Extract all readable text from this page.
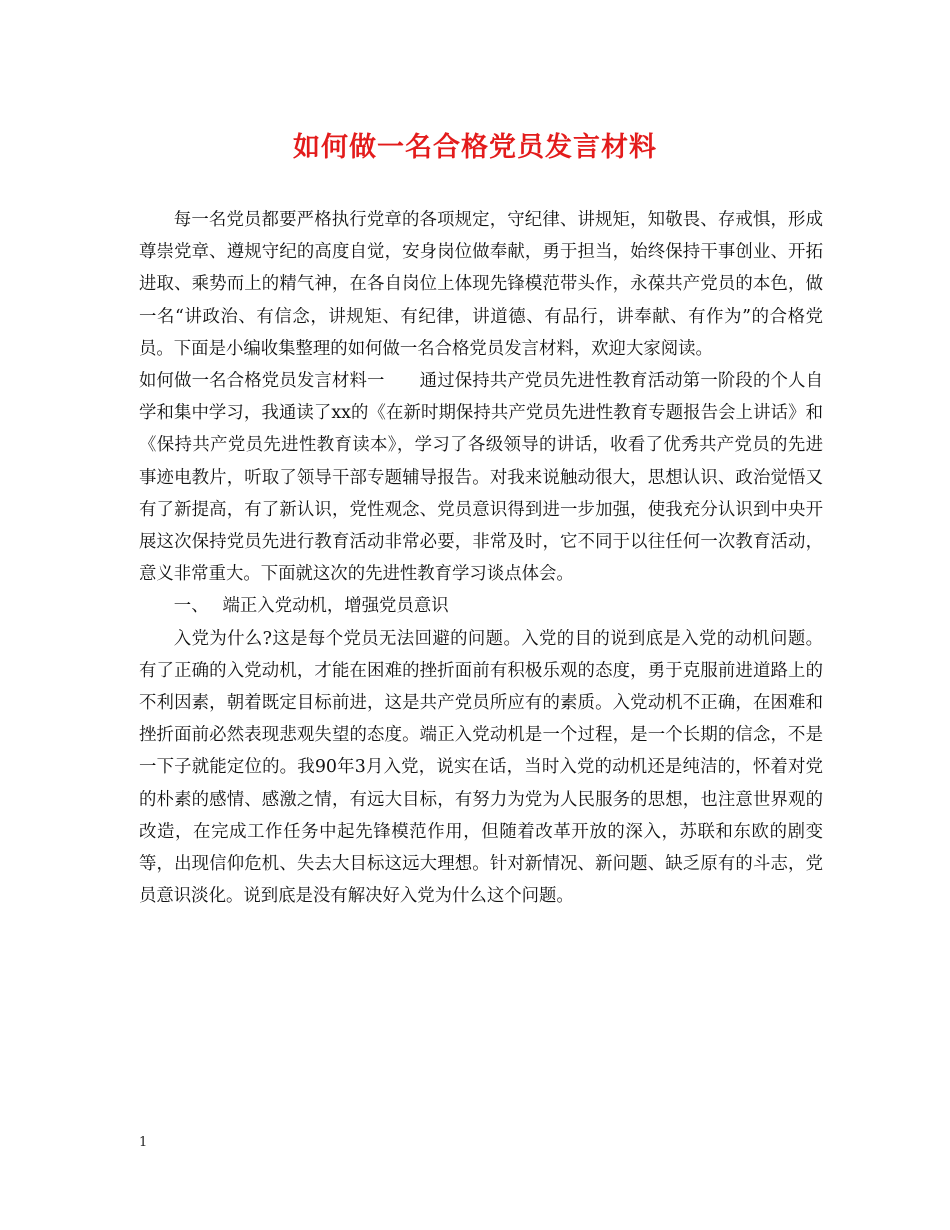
如何做一名合格党员发言材料

每一名党员都要严格执行党章的各项规定，守纪律、讲规矩，知敬畏、存戒惧，形成尊崇党章、遵规守纪的高度自觉，安身岗位做奉献，勇于担当，始终保持干事创业、开拓进取、乘势而上的精气神，在各自岗位上体现先锋模范带头作，永葆共产党员的本色，做一名“讲政治、有信念，讲规矩、有纪律，讲道德、有品行，讲奉献、有作为”的合格党员。下面是小编收集整理的如何做一名合格党员发言材料，欢迎大家阅读。

如何做一名合格党员发言材料一　　通过保持共产党员先进性教育活动第一阶段的个人自学和集中学习，我通读了xx的《在新时期保持共产党员先进性教育专题报告会上讲话》和《保持共产党员先进性教育读本》，学习了各级领导的讲话，收看了优秀共产党员的先进事迹电教片，听取了领导干部专题辅导报告。对我来说触动很大，思想认识、政治觉悟又有了新提高，有了新认识，党性观念、党员意识得到进一步加强，使我充分认识到中央开展这次保持党员先进行教育活动非常必要，非常及时，它不同于以往任何一次教育活动，意义非常重大。下面就这次的先进性教育学习谈点体会。

一、 端正入党动机，增强党员意识

入党为什么?这是每个党员无法回避的问题。入党的目的说到底是入党的动机问题。有了正确的入党动机，才能在困难的挫折面前有积极乐观的态度，勇于克服前进道路上的不利因素，朝着既定目标前进，这是共产党员所应有的素质。入党动机不正确，在困难和挫折面前必然表现悲观失望的态度。端正入党动机是一个过程，是一个长期的信念，不是一下子就能定位的。我90年3月入党，说实在话，当时入党的动机还是纯洁的，怀着对党的朴素的感情、感激之情，有远大目标，有努力为党为人民服务的思想，也注意世界观的改造，在完成工作任务中起先锋模范作用，但随着改革开放的深入，苏联和东欧的剧变等，出现信仰危机、失去大目标这远大理想。针对新情况、新问题、缺乏原有的斗志，党员意识淡化。说到底是没有解决好入党为什么这个问题。

1
